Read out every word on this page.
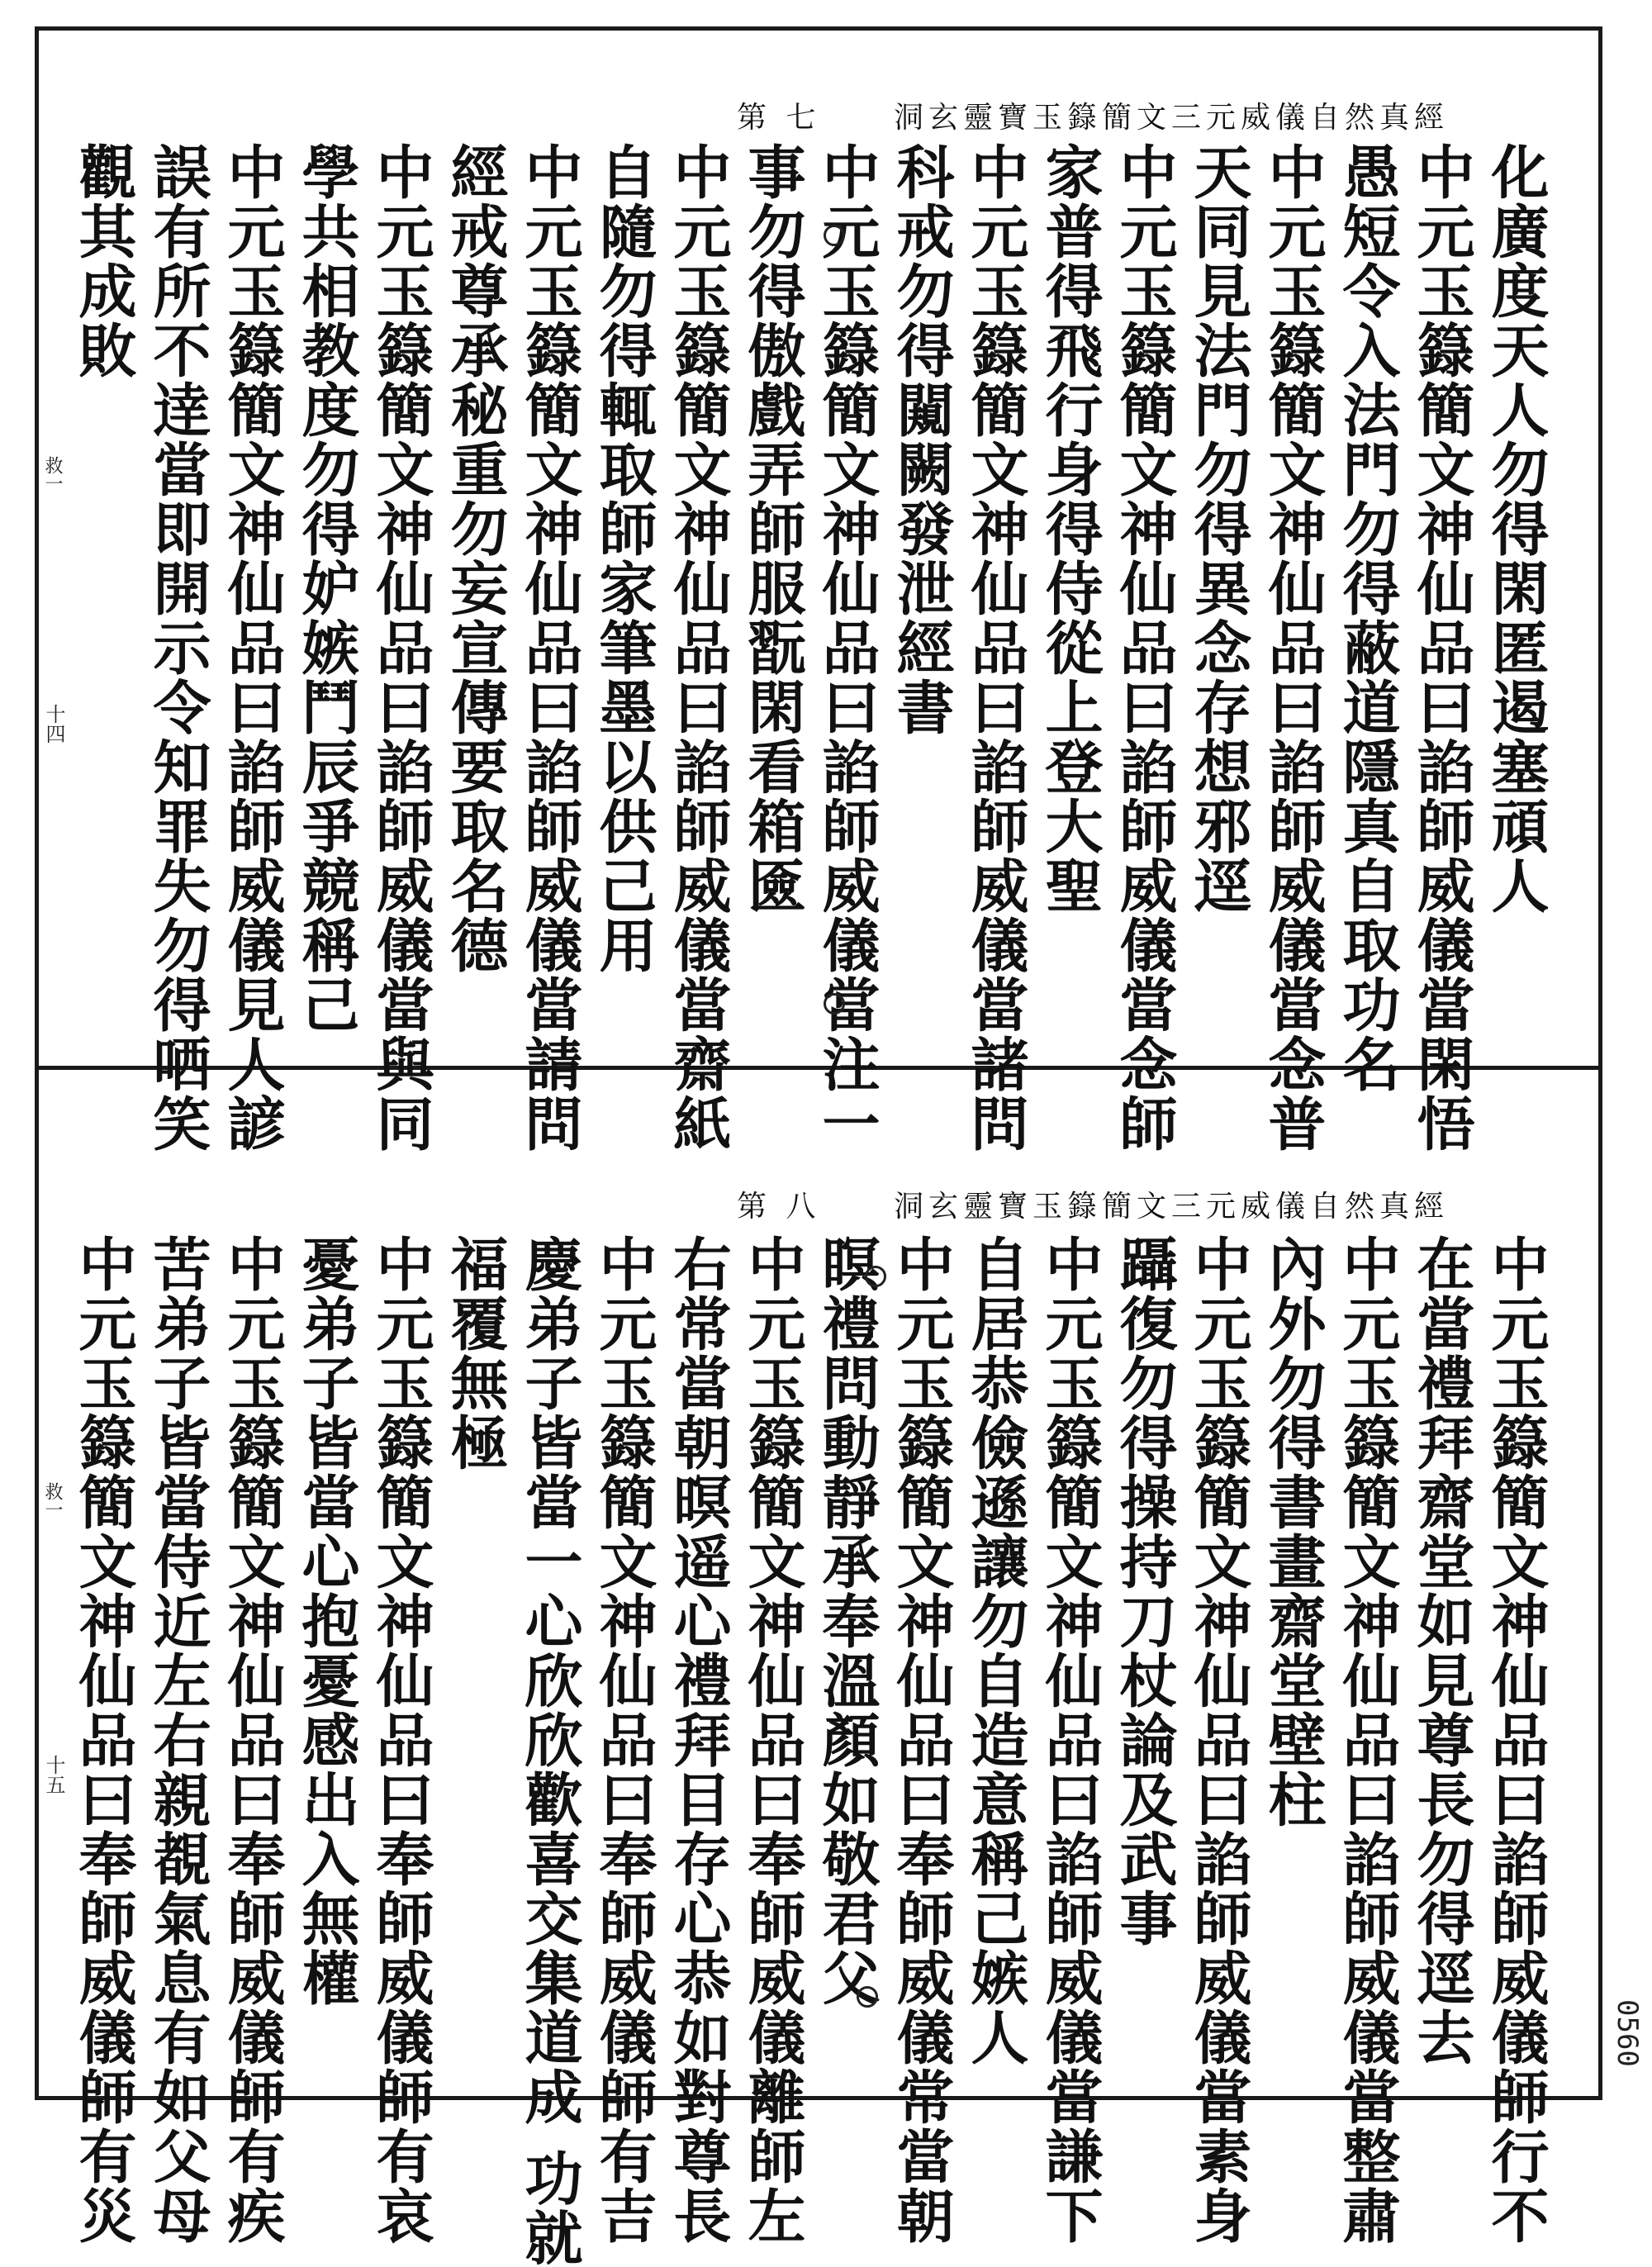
洞玄靈寶玉籙簡文三元威儀自然真經
第 七
化廣度天人勿得閑匿遏塞頑人
中元玉籙簡文神仙品曰諂師威儀當閑悟
愚短令入法門勿得蔽道隱真自取功名
中元玉籙簡文神仙品曰諂師威儀當念普
天同見法門勿得異念存想邪逕
中元玉籙簡文神仙品曰諂師威儀當念師
家普得飛行身得侍從上登大聖
中元玉籙簡文神仙品曰諂師威儀當諸問
科戒勿得闚闕發泄經書
中元玉籙簡文神仙品曰諂師威儀當注一
事勿得傲戲弄師服翫閑看箱匳
中元玉籙簡文神仙品曰諂師威儀當齋紙
自隨勿得輒取師家筆墨以供己用
中元玉籙簡文神仙品曰諂師威儀當請問
經戒尊承秘重勿妄宣傳要取名德
中元玉籙簡文神仙品曰諂師威儀當與同
學共相教度勿得妒嫉鬥辰爭競稱己
中元玉籙簡文神仙品曰諂師威儀見人諺
誤有所不逹當即開示令知罪失勿得哂笑
觀其成敗
救一
十四
洞玄靈寶玉籙簡文三元威儀自然真經
第 八
中元玉籙簡文神仙品曰諂師威儀師行不
在當禮拜齋堂如見尊長勿得逕去
中元玉籙簡文神仙品曰諂師威儀當整肅
內外勿得書畫齋堂壁柱
中元玉籙簡文神仙品曰諂師威儀當素身
躡復勿得操持刀杖論及武事
中元玉籙簡文神仙品曰諂師威儀當謙下
自居恭儉遜讓勿自造意稱己嫉人
中元玉籙簡文神仙品曰奉師威儀常當朝
瞑禮問動靜承奉溫顏如敬君父
中元玉籙簡文神仙品曰奉師威儀離師左
右常當朝暝遥心禮拜目存心恭如對尊長
中元玉籙簡文神仙品曰奉師威儀師有吉
慶弟子皆當一心欣欣歡喜交集道成 功就
福覆無極
中元玉籙簡文神仙品曰奉師威儀師有哀
憂弟子皆當心抱憂感出入無權
中元玉籙簡文神仙品曰奉師威儀師有疾
苦弟子皆當侍近左右親覩氣息有如父母
中元玉籙簡文神仙品曰奉師威儀師有災
救一
十五
0560
